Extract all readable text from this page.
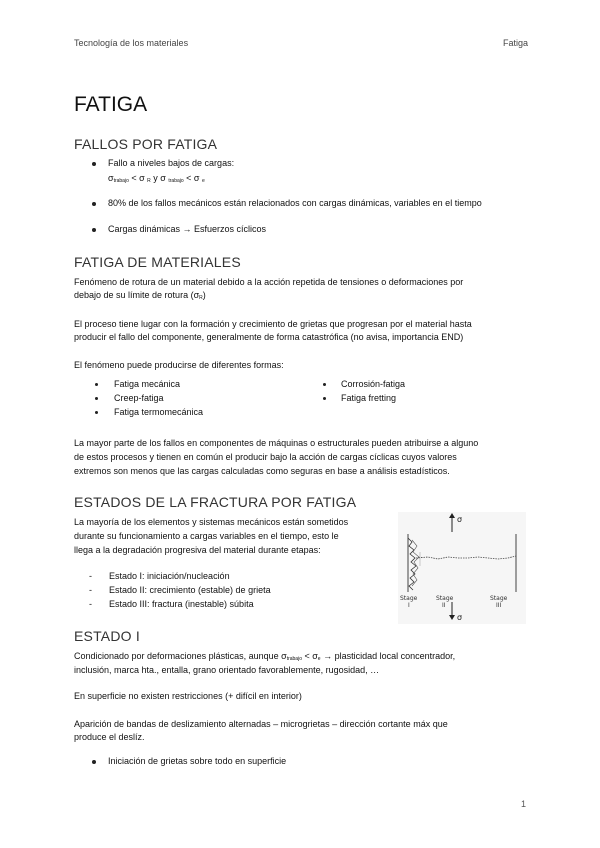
Tecnología de los materiales	Fatiga
FATIGA
FALLOS POR FATIGA
Fallo a niveles bajos de cargas:
$\sigma_{trabajo} < \sigma$ $_R$ y σ $_{trabajo}$ < σ $_e$
80% de los fallos mecánicos están relacionados con cargas dinámicas, variables en el tiempo
Cargas dinámicas → Esfuerzos cíclicos
FATIGA DE MATERIALES
Fenómeno de rotura de un material debido a la acción repetida de tensiones o deformaciones por
debajo de su límite de rotura $(\sigma_R)$
El proceso tiene lugar con la formación y crecimiento de grietas que progresan por el material hasta
producir el fallo del componente, generalmente de forma catastrófica (no avisa, importancia END)
El fenómeno puede producirse de diferentes formas:
Fatiga mecánica
Creep-fatiga
Fatiga termomecánica
Corrosión-fatiga
Fatiga fretting
La mayor parte de los fallos en componentes de máquinas o estructurales pueden atribuirse a alguno
de estos procesos y tienen en común el producir bajo la acción de cargas cíclicas cuyos valores
extremos son menos que las cargas calculadas como seguras en base a análisis estadísticos.
ESTADOS DE LA FRACTURA POR FATIGA
La mayoría de los elementos y sistemas mecánicos están sometidos
durante su funcionamiento a cargas variables en el tiempo, esto le
llega a la degradación progresiva del material durante etapas:
- Estado I: iniciación/nucleación
- Estado II: crecimiento (estable) de grieta
- Estado III: fractura (inestable) súbita
σ
σ
Stage
I
Stage
II
Stage
III
ESTADO I
Condicionado por deformaciones plásticas, aunque $\sigma_{trabajo} < \sigma_e$ → plasticidad local concentrador,
inclusión, marca hta., entalla, grano orientado favorablemente, rugosidad, …
En superficie no existen restricciones (+ difícil en interior)
Aparición de bandas de deslizamiento alternadas – microgrietas – dirección cortante máx que
produce el deslíz.
Iniciación de grietas sobre todo en superficie
1
